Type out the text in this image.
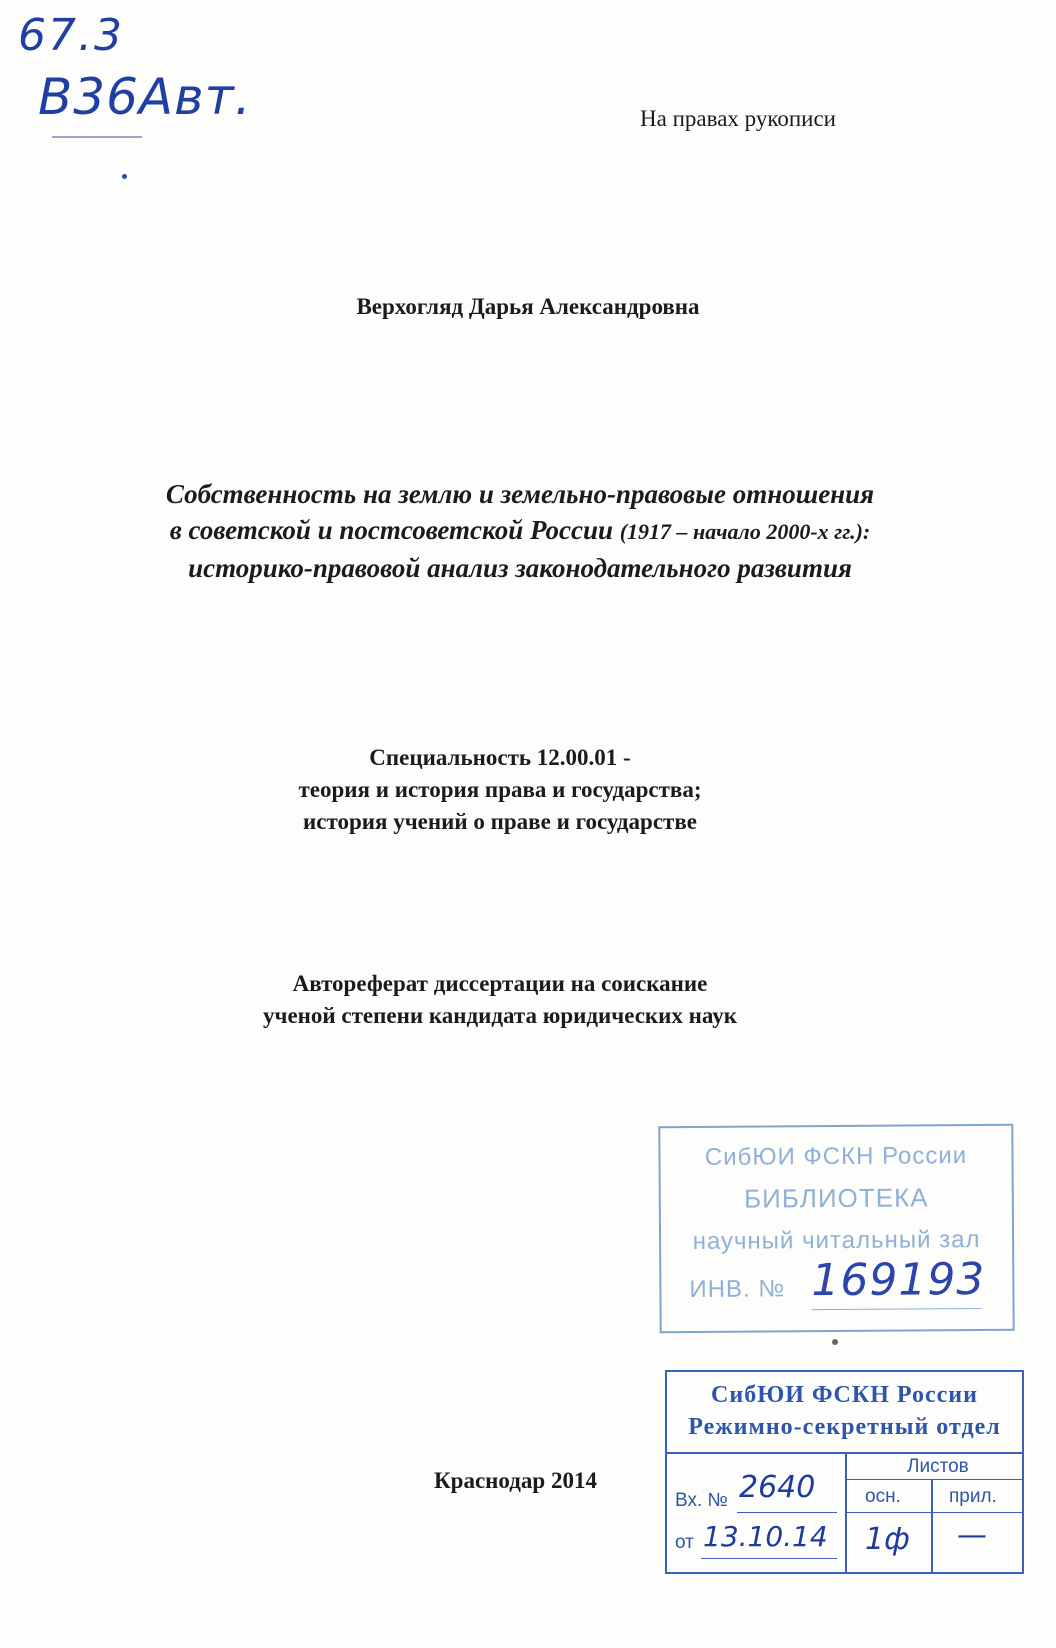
67.3
В36Авт.	На правах рукописи
Верхогляд Дарья Александровна
Собственность на землю и земельно-правовые отношения
в советской и постсоветской России (1917 – начало 2000-х гг.):
историко-правовой анализ законодательного развития
Специальность 12.00.01 -
теория и история права и государства;
история учений о праве и государстве
Автореферат диссертации на соискание
ученой степени кандидата юридических наук
Краснодар 2014
СибЮИ ФСКН России
БИБЛИОТЕКА
научный читальный зал
ИНВ. № 169193
СибЮИ ФСКН России
Режимно-секретный отдел
Листов
Вх. № 2640	осн.	прил.
от 13.10.14 1ф —
